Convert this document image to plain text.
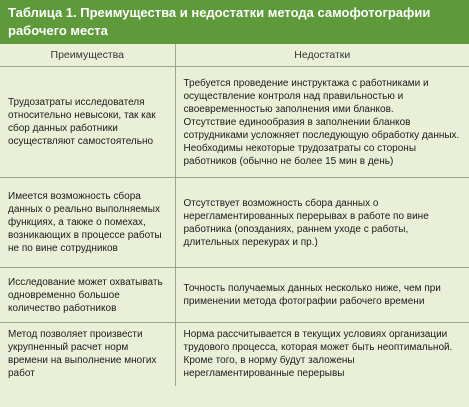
Таблица 1. Преимущества и недостатки метода самофотографии рабочего места
Преимущества	Недостатки
Трудозатраты исследователя относительно невысоки, так как сбор данных работники осуществляют самостоятельно	Требуется проведение инструктажа с работниками и осуществление контроля над правильностью и своевременностью заполнения ими бланков.
Отсутствие единообразия в заполнении бланков сотрудниками усложняет последующую обработку данных.
Необходимы некоторые трудозатраты со стороны работников (обычно не более 15 мин в день)

Имеется возможность сбора данных о реально выполняемых функциях, а также о помехах, возникающих в процессе работы не по вине сотрудников	Отсутствует возможность сбора данных о нерегламентированных перерывах в работе по вине работника (опозданиях, раннем уходе с работы, длительных перекурах и пр.)

Исследование может охватывать одновременно большое количество работников	Точность получаемых данных несколько ниже, чем при применении метода фотографии рабочего времени

Метод позволяет произвести укрупненный расчет норм времени на выполнение многих работ	Норма рассчитывается в текущих условиях организации трудового процесса, которая может быть неоптимальной. Кроме того, в норму будут заложены нерегламентированные перерывы
